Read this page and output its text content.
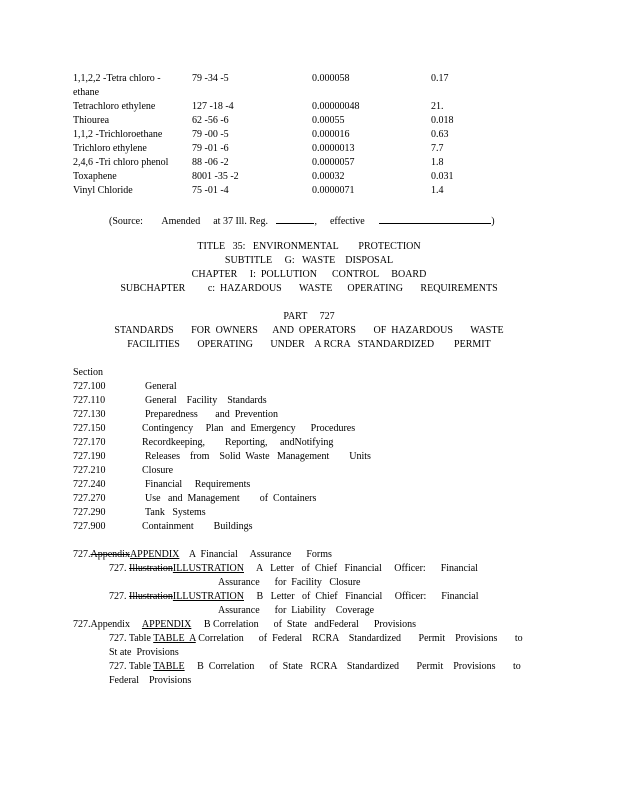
1,1,2,2 -Tetra chloro -
ethane
79 -34 -5	0.000058	0.17
Tetrachloro ethylene	127 -18 -4	0.00000048	21.
Thiourea	62 -56 -6	0.00055	0.018
1,1,2 -Trichloroethane	79 -00 -5	0.000016	0.63
Trichloro ethylene	79 -01 -6	0.0000013	7.7
2,4,6 -Tri chloro phenol 88 -06 -2	0.0000057	1.8
Toxaphene	8001 -35 -2	0.00032	0.031
Vinyl Chloride	75 -01 -4	0.0000071	1.4
(Source: Amended at 37 Ill. Reg.	, effective	)
TITLE   35:   ENVIRONMENTAL        PROTECTION
SUBTITLE     G:   WASTE    DISPOSAL
CHAPTER     I:  POLLUTION      CONTROL     BOARD
SUBCHAPTER         c:  HAZARDOUS       WASTE      OPERATING       REQUIREMENTS
PART     727
STANDARDS       FOR  OWNERS      AND  OPERATORS       OF  HAZARDOUS       WASTE
FACILITIES       OPERATING       UNDER    A RCRA   STANDARDIZED        PERMIT
Section
727.100	General
727.110	General    Facility    Standards
727.130	Preparedness       and  Prevention
727.150	Contingency     Plan   and  Emergency      Procedures
727.170	Recordkeeping,        Reporting,     andNotifying
727.190	Releases    from    Solid  Waste   Management        Units
727.210	Closure
727.240	Financial     Requirements
727.270	Use   and  Management        of  Containers
727.290	Tank   Systems
727.900	Containment        Buildings
727.AppendixAPPENDIX    A  Financial     Assurance      Forms
727. IllustrationILLUSTRATION     A   Letter   of  Chief   Financial     Officer:      Financial
Assurance      for  Facility   Closure
727. IllustrationILLUSTRATION     B   Letter   of  Chief   Financial     Officer:      Financial
Assurance      for  Liability    Coverage
727.Appendix APPENDIX     B Correlation      of  State   andFederal      Provisions
727. Table TABLE  A Correlation      of  Federal    RCRA    Standardized       Permit    Provisions       to
St ate  Provisions
727. Table TABLE     B  Correlation      of  State   RCRA    Standardized       Permit    Provisions       to
Federal    Provisions
